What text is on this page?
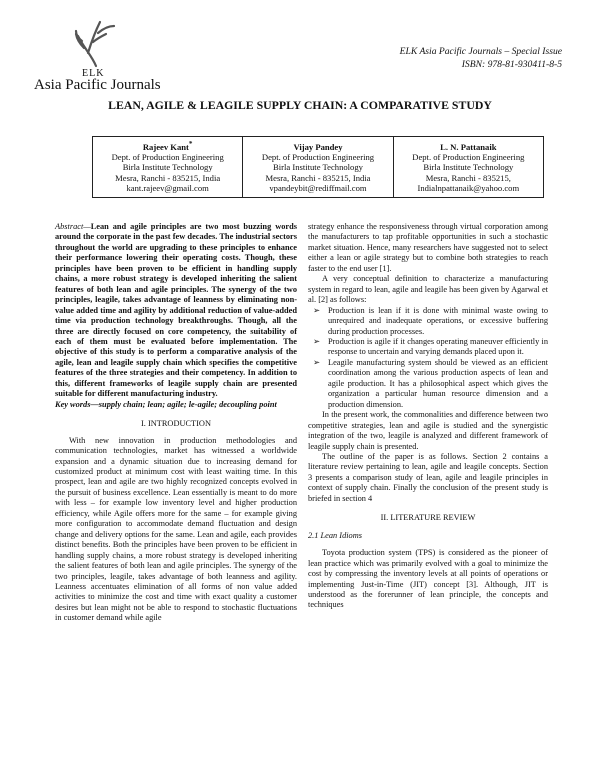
ELK
Asia Pacific Journals
ELK Asia Pacific Journals – Special Issue
ISBN: 978-81-930411-8-5
LEAN, AGILE & LEAGILE SUPPLY CHAIN: A COMPARATIVE STUDY
Rajeev Kant*
Dept. of Production Engineering
Birla Institute Technology
Mesra, Ranchi - 835215, India
kant.rajeev@gmail.com

Vijay Pandey
Dept. of Production Engineering
Birla Institute Technology
Mesra, Ranchi - 835215, India
vpandeybit@rediffmail.com

L. N. Pattanaik
Dept. of Production Engineering
Birla Institute Technology
Mesra, Ranchi - 835215,
Indialnpattanaik@yahoo.com

Abstract—Lean and agile principles are two most buzzing words around the corporate in the past few decades. The industrial sectors throughout the world are upgrading to these principles to enhance their performance lowering their operating costs. Though, these principles have been proven to be efficient in handling supply chains, a more robust strategy is developed inheriting the salient features of both lean and agile principles. The synergy of the two principles, leagile, takes advantage of leanness by eliminating non-value added time and agility by additional reduction of value-added time via production technology breakthroughs. Though, all the three are directly focused on core competency, the suitability of each of them must be evaluated before implementation. The objective of this study is to perform a comparative analysis of the agile, lean and leagile supply chain which specifies the competitive features of the three strategies and their competency. In addition to this, different frameworks of leagile supply chain are presented suitable for different manufacturing industry.

Key words—supply chain; lean; agile; le-agile; decoupling point

I. INTRODUCTION

With new innovation in production methodologies and communication technologies, market has witnessed a worldwide expansion and a dynamic situation due to increasing demand for customized product at minimum cost with least waiting time. In this prospect, lean and agile are two highly recognized concepts evolved in the pursuit of business excellence. Lean essentially is meant to do more with less – for example low inventory level and higher production efficiency, while Agile offers more for the same – for example giving more configuration to accommodate demand fluctuation and design change and delivery options for the same. Lean and agile, each provides distinct benefits. Both the principles have been proven to be efficient in handling supply chains, a more robust strategy is developed inheriting the salient features of both lean and agile principles. The synergy of the two principles, leagile, takes advantage of both leanness and agility. Leanness accentuates elimination of all forms of non value added activities to minimize the cost and time with exact quality a customer desires but lean might not be able to respond to stochastic fluctuations in customer demand while agile

strategy enhance the responsiveness through virtual corporation among the manufacturers to tap profitable opportunities in such a stochastic market situation. Hence, many researchers have suggested not to select either a lean or agile strategy but to combine both strategies to reach faster to the end user [1].

A very conceptual definition to characterize a manufacturing system in regard to lean, agile and leagile has been given by Agarwal et al. [2] as follows:

➢ Production is lean if it is done with minimal waste owing to unrequired and inadequate operations, or excessive buffering during production processes.
➢ Production is agile if it changes operating maneuver efficiently in response to uncertain and varying demands placed upon it.
➢ Leagile manufacturing system should be viewed as an efficient coordination among the various production aspects of lean and agile production. It has a philosophical aspect which gives the organization a particular human resource dimension and a production dimension.

In the present work, the commonalities and difference between two competitive strategies, lean and agile is studied and the synergistic integration of the two, leagile is analyzed and different framework of leagile supply chain is presented.

The outline of the paper is as follows. Section 2 contains a literature review pertaining to lean, agile and leagile concepts. Section 3 presents a comparison study of lean, agile and leagile principles in context of supply chain. Finally the conclusion of the present study is briefed in section 4

II. LITERATURE REVIEW

2.1 Lean Idioms

Toyota production system (TPS) is considered as the pioneer of lean practice which was primarily evolved with a goal to minimize the cost by compressing the inventory levels at all points of operations or implementing Just-in-Time (JIT) concept [3]. Although, JIT is understood as the forerunner of lean principle, the concepts and techniques
